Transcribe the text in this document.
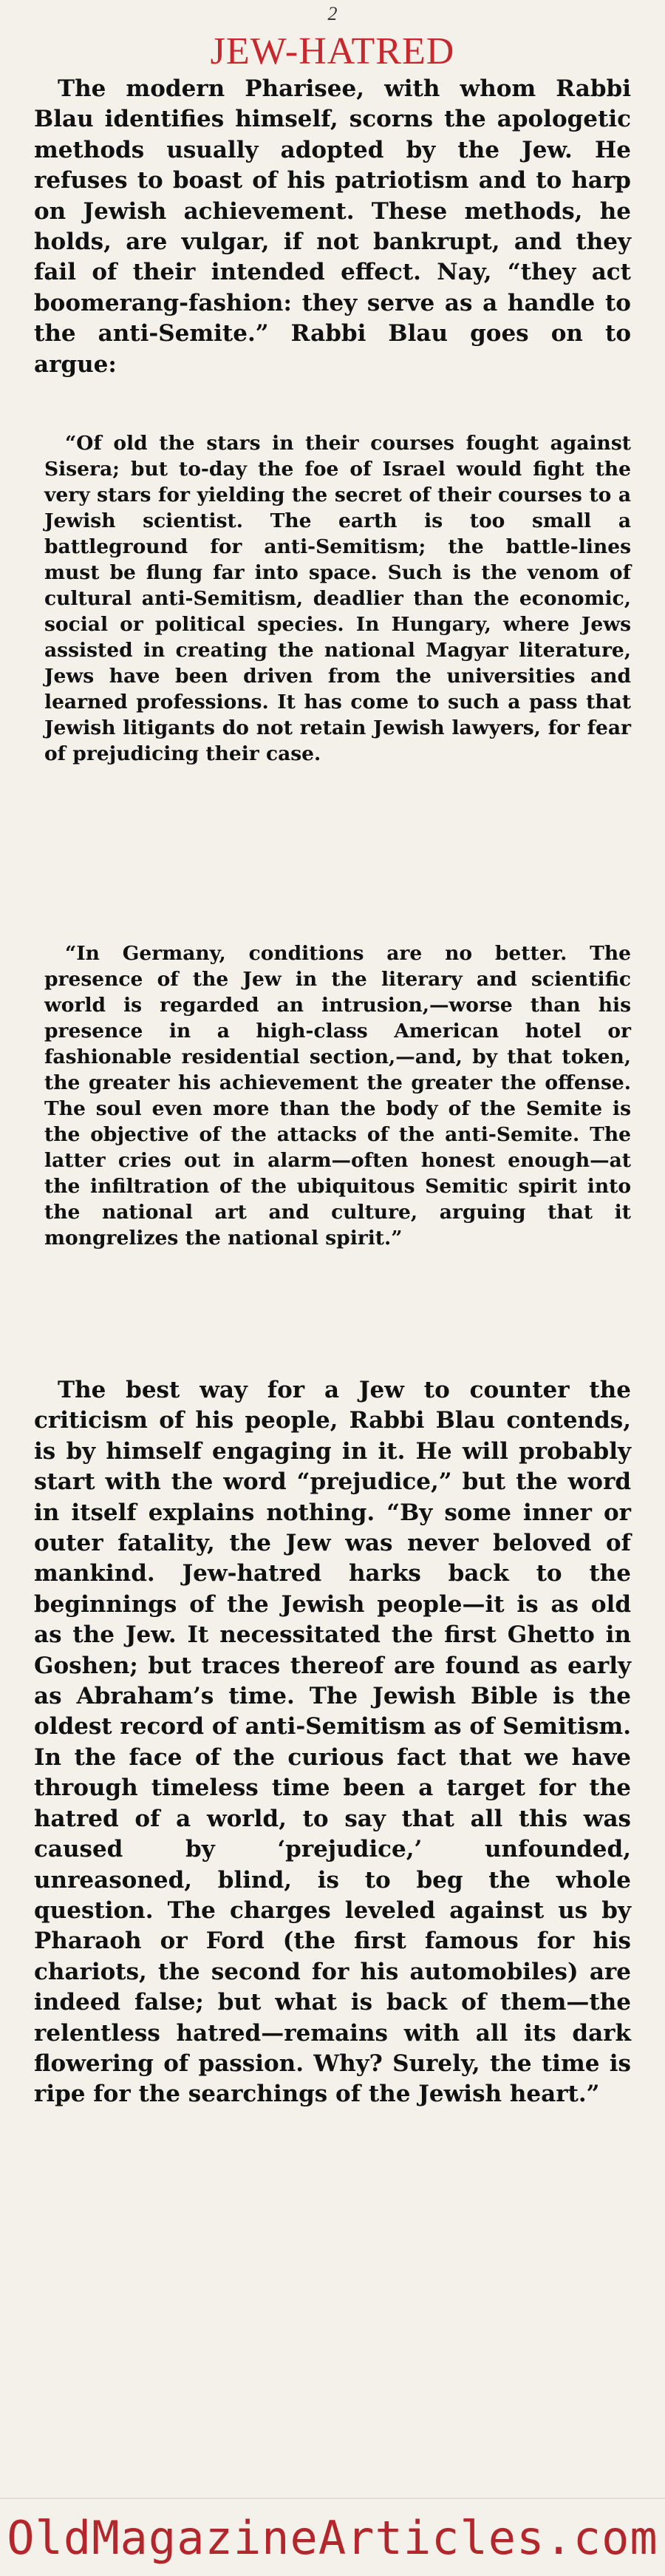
2
JEW-HATRED

The modern Pharisee, with whom Rabbi Blau identifies himself, scorns the apologetic methods usually adopted by the Jew. He refuses to boast of his patriotism and to harp on Jewish achievement. These methods, he holds, are vulgar, if not bankrupt, and they fail of their intended effect. Nay, “they act boomerang-fashion: they serve as a handle to the anti-Semite.” Rabbi Blau goes on to argue:

“Of old the stars in their courses fought against Sisera; but to-day the foe of Israel would fight the very stars for yielding the secret of their courses to a Jewish scientist. The earth is too small a battleground for anti-Semitism; the battle-lines must be flung far into space. Such is the venom of cultural anti-Semitism, deadlier than the economic, social or political species. In Hungary, where Jews assisted in creating the national Magyar literature, Jews have been driven from the universities and learned professions. It has come to such a pass that Jewish litigants do not retain Jewish lawyers, for fear of prejudicing their case.

“In Germany, conditions are no better. The presence of the Jew in the literary and scientific world is regarded an intrusion,—worse than his presence in a high-class American hotel or fashionable residential section,—and, by that token, the greater his achievement the greater the offense. The soul even more than the body of the Semite is the objective of the attacks of the anti-Semite. The latter cries out in alarm—often honest enough—at the infiltration of the ubiquitous Semitic spirit into the national art and culture, arguing that it mongrelizes the national spirit.”

The best way for a Jew to counter the criticism of his people, Rabbi Blau contends, is by himself engaging in it. He will probably start with the word “prejudice,” but the word in itself explains nothing. “By some inner or outer fatality, the Jew was never beloved of mankind. Jew-hatred harks back to the beginnings of the Jewish people—it is as old as the Jew. It necessitated the first Ghetto in Goshen; but traces thereof are found as early as Abraham’s time. The Jewish Bible is the oldest record of anti-Semitism as of Semitism. In the face of the curious fact that we have through timeless time been a target for the hatred of a world, to say that all this was caused by ‘prejudice,’ unfounded, unreasoned, blind, is to beg the whole question. The charges leveled against us by Pharaoh or Ford (the first famous for his chariots, the second for his automobiles) are indeed false; but what is back of them—the relentless hatred—remains with all its dark flowering of passion. Why? Surely, the time is ripe for the searchings of the Jewish heart.”

OldMagazineArticles.com
